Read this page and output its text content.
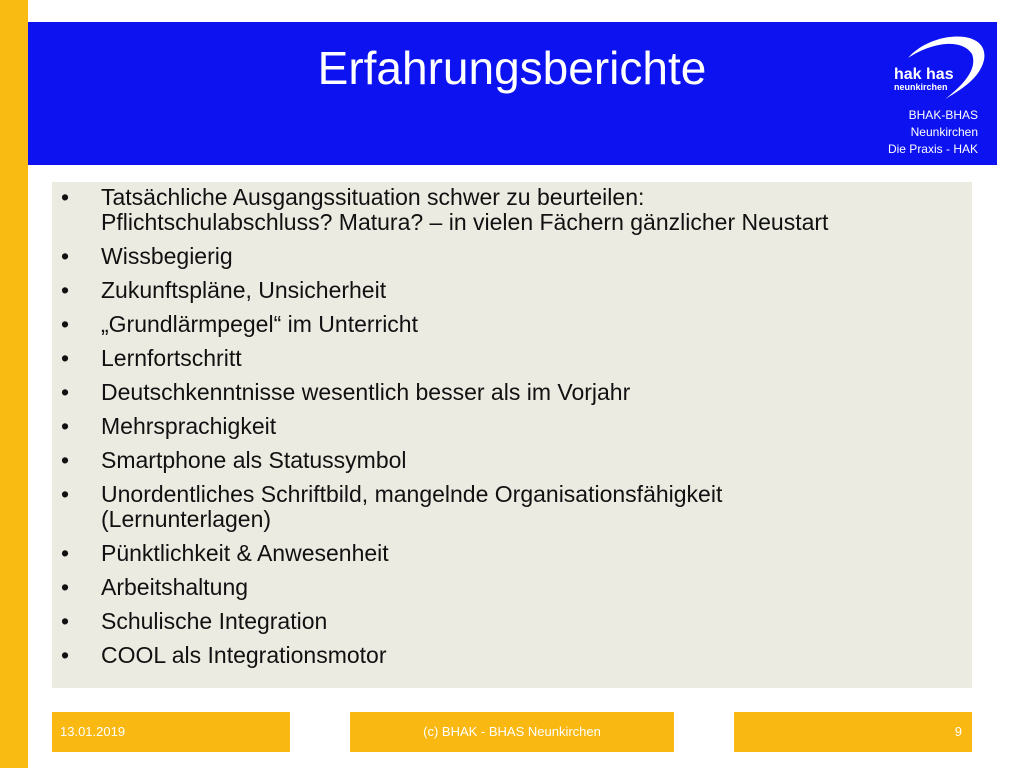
Erfahrungsberichte	hak has
neunkirchen
BHAK-BHAS
Neunkirchen
Die Praxis - HAK
• Tatsächliche Ausgangssituation schwer zu beurteilen:
Pflichtschulabschluss? Matura? – in vielen Fächern gänzlicher Neustart
• Wissbegierig
• Zukunftspläne, Unsicherheit
• „Grundlärmpegel“ im Unterricht
• Lernfortschritt
• Deutschkenntnisse wesentlich besser als im Vorjahr
• Mehrsprachigkeit
• Smartphone als Statussymbol
• Unordentliches Schriftbild, mangelnde Organisationsfähigkeit
(Lernunterlagen)
• Pünktlichkeit & Anwesenheit
• Arbeitshaltung
• Schulische Integration
• COOL als Integrationsmotor
13.01.2019	(c) BHAK - BHAS Neunkirchen	9
